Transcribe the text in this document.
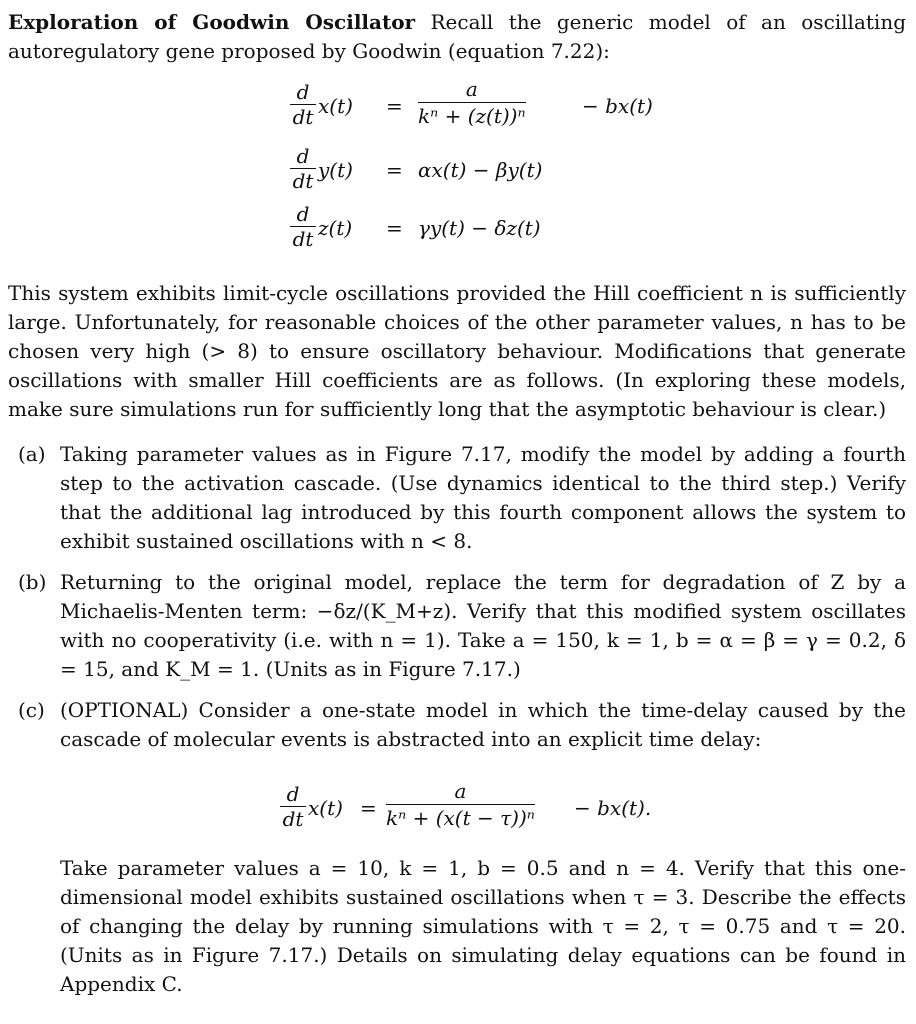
Exploration of Goodwin Oscillator Recall the generic model of an oscillating autoregulatory gene proposed by Goodwin (equation 7.22):

$\frac{d}{dt} x(t) = \frac{a}{\text{kⁿ + (z(t))ⁿ}}$	− bx(t)
$\frac{d}{dt} y(t) = \alpha x(t) - \beta y(t)$
$\frac{d}{dt} z(t) = \gamma y(t) - \delta z(t)$

This system exhibits limit-cycle oscillations provided the Hill coefficient n is sufficiently large. Unfortunately, for reasonable choices of the other parameter values, n has to be chosen very high (> 8) to ensure oscillatory behaviour. Modifications that generate oscillations with smaller Hill coefficients are as follows. (In exploring these models, make sure simulations run for sufficiently long that the asymptotic behaviour is clear.)

(a) Taking parameter values as in Figure 7.17, modify the model by adding a fourth step to the activation cascade. (Use dynamics identical to the third step.) Verify that the additional lag introduced by this fourth component allows the system to exhibit sustained oscillations with n < 8.

(b) Returning to the original model, replace the term for degradation of Z by a Michaelis-Menten term: −δz/(K_M+z). Verify that this modified system oscillates with no cooperativity (i.e. with n = 1). Take a = 150, k = 1, b = α = β = γ = 0.2, δ = 15, and K_M = 1. (Units as in Figure 7.17.)

(c) (OPTIONAL) Consider a one-state model in which the time-delay caused by the cascade of molecular events is abstracted into an explicit time delay:

$\frac{d}{dt} x(t) = \frac{a}{\text{kⁿ + (x(t − τ))ⁿ}} - bx(t)$.

Take parameter values a = 10, k = 1, b = 0.5 and n = 4. Verify that this one-dimensional model exhibits sustained oscillations when τ = 3. Describe the effects of changing the delay by running simulations with τ = 2, τ = 0.75 and τ = 20. (Units as in Figure 7.17.) Details on simulating delay equations can be found in Appendix C.
